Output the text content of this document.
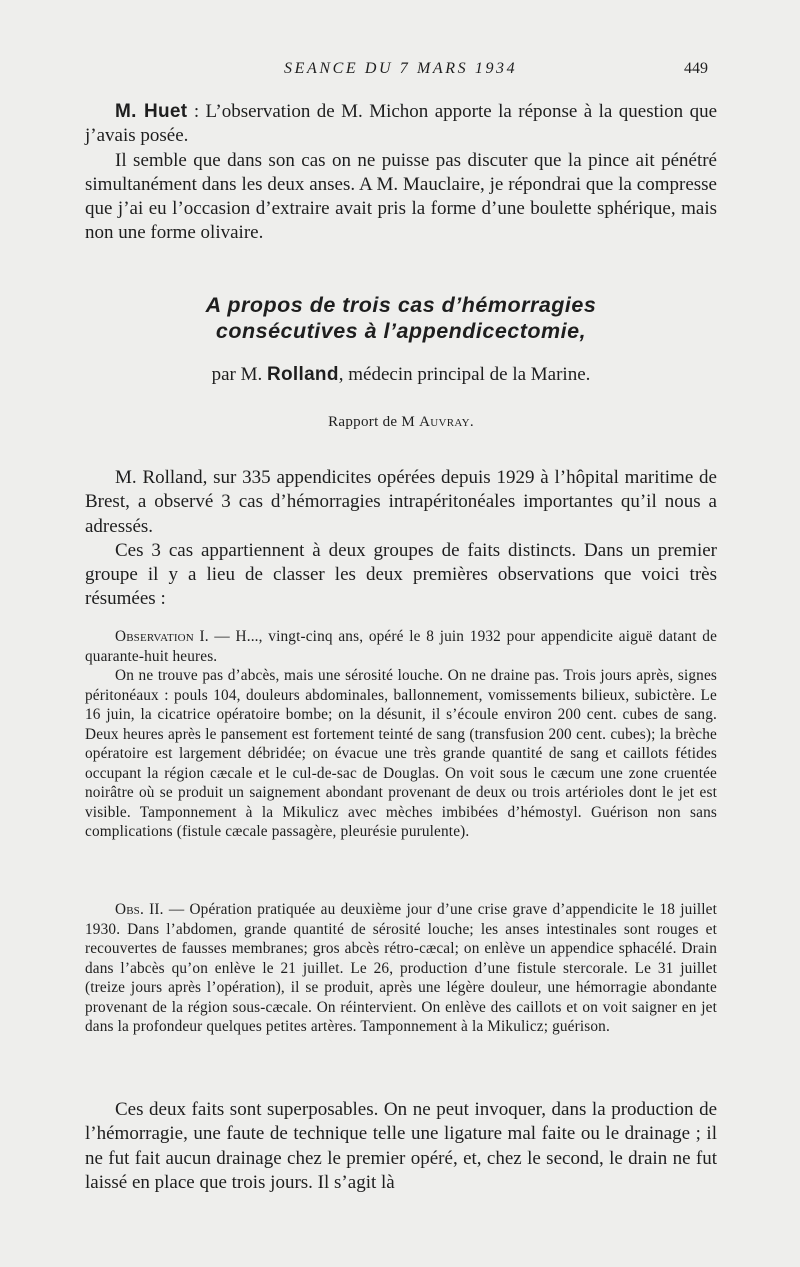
SEANCE DU 7 MARS 1934	449

M. Huet : L’observation de M. Michon apporte la réponse à la question que j’avais posée.

Il semble que dans son cas on ne puisse pas discuter que la pince ait pénétré simultanément dans les deux anses. A M. Mauclaire, je répondrai que la compresse que j’ai eu l’occasion d’extraire avait pris la forme d’une boulette sphérique, mais non une forme olivaire.

A propos de trois cas d’hémorragies
consécutives à l’appendicectomie,
par M. Rolland, médecin principal de la Marine.
Rapport de M Auvray.

M. Rolland, sur 335 appendicites opérées depuis 1929 à l’hôpital maritime de Brest, a observé 3 cas d’hémorragies intrapéritonéales importantes qu’il nous a adressés.

Ces 3 cas appartiennent à deux groupes de faits distincts. Dans un premier groupe il y a lieu de classer les deux premières observations que voici très résumées :

Observation I. — H..., vingt-cinq ans, opéré le 8 juin 1932 pour appendicite aiguë datant de quarante-huit heures.

On ne trouve pas d’abcès, mais une sérosité louche. On ne draine pas. Trois jours après, signes péritonéaux : pouls 104, douleurs abdominales, ballonnement, vomissements bilieux, subictère. Le 16 juin, la cicatrice opératoire bombe; on la désunit, il s’écoule environ 200 cent. cubes de sang. Deux heures après le pansement est fortement teinté de sang (transfusion 200 cent. cubes); la brèche opératoire est largement débridée; on évacue une très grande quantité de sang et caillots fétides occupant la région cæcale et le cul-de-sac de Douglas. On voit sous le cæcum une zone cruentée noirâtre où se produit un saignement abondant provenant de deux ou trois artérioles dont le jet est visible. Tamponnement à la Mikulicz avec mèches imbibées d’hémostyl. Guérison non sans complications (fistule cæcale passagère, pleurésie purulente).

Obs. II. — Opération pratiquée au deuxième jour d’une crise grave d’appendicite le 18 juillet 1930. Dans l’abdomen, grande quantité de sérosité louche; les anses intestinales sont rouges et recouvertes de fausses membranes; gros abcès rétro-cæcal; on enlève un appendice sphacélé. Drain dans l’abcès qu’on enlève le 21 juillet. Le 26, production d’une fistule stercorale. Le 31 juillet (treize jours après l’opération), il se produit, après une légère douleur, une hémorragie abondante provenant de la région sous-cæcale. On réintervient. On enlève des caillots et on voit saigner en jet dans la profondeur quelques petites artères. Tamponnement à la Mikulicz; guérison.

Ces deux faits sont superposables. On ne peut invoquer, dans la production de l’hémorragie, une faute de technique telle une ligature mal faite ou le drainage ; il ne fut fait aucun drainage chez le premier opéré, et, chez le second, le drain ne fut laissé en place que trois jours. Il s’agit là
